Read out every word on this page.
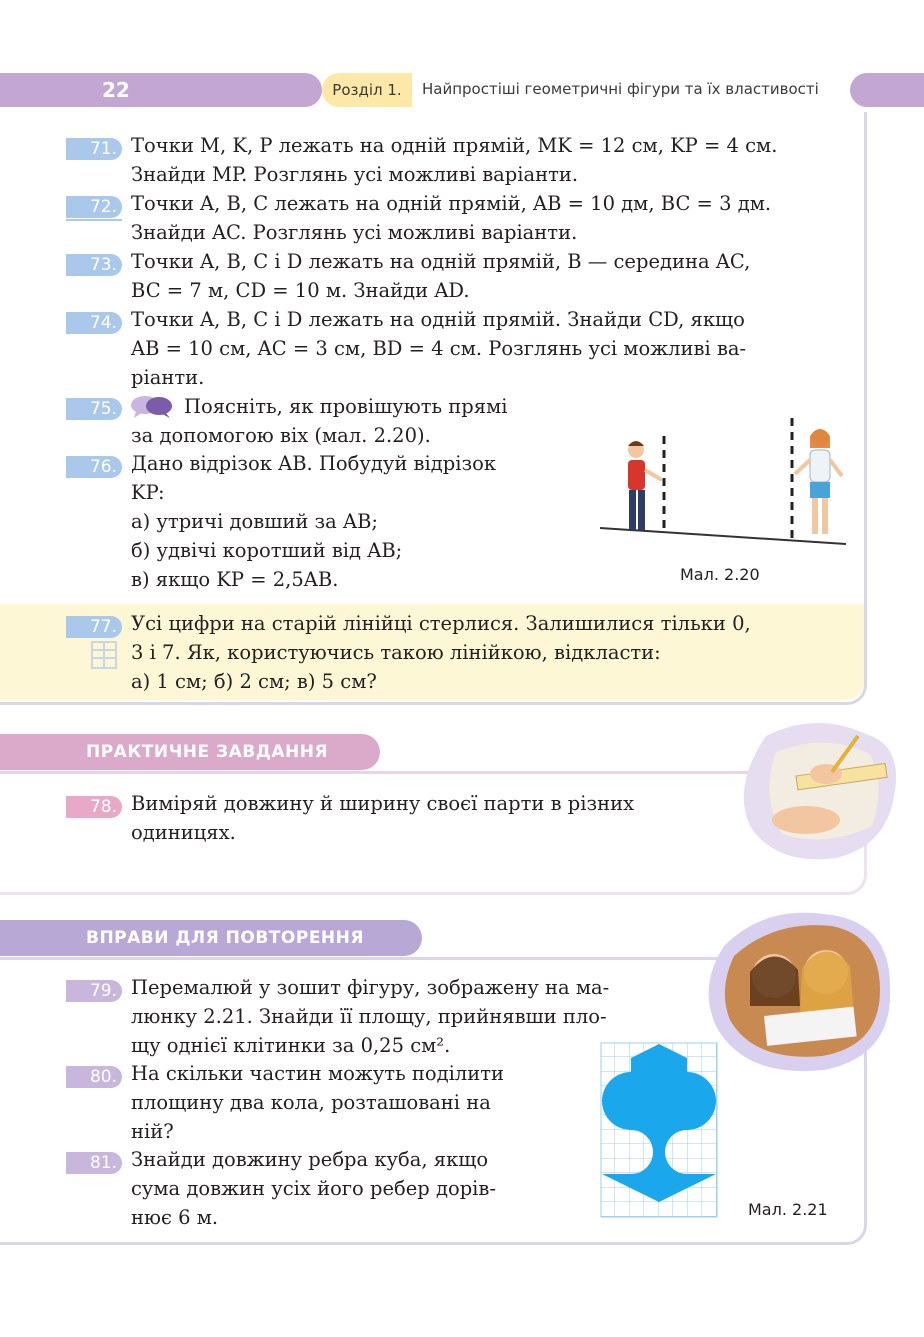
22	Розділ 1.	Найпростіші геометричні фігури та їх властивості
71. Точки M, K, P лежать на одній прямій, MK = 12 см, KP = 4 см.
Знайди MP. Розглянь усі можливі варіанти.
72. Точки A, B, C лежать на одній прямій, AB = 10 дм, BC = 3 дм.
Знайди AC. Розглянь усі можливі варіанти.
73. Точки A, B, C і D лежать на одній прямій, B — середина AC,
BC = 7 м, CD = 10 м. Знайди AD.
74. Точки A, B, C і D лежать на одній прямій. Знайди CD, якщо
AB = 10 см, AC = 3 см, BD = 4 см. Розглянь усі можливі ва-
ріанти.
75.	Поясніть, як провішують прямі
за допомогою віх (мал. 2.20).
76. Дано відрізок AB. Побудуй відрізок
KP:
а) утричі довший за AB;
б) удвічі коротший від AB;
в) якщо KP = 2,5AB.	Мал. 2.20
77. Усі цифри на старій лінійці стерлися. Залишилися тільки 0,
3 і 7. Як, користуючись такою лінійкою, відкласти:
а) 1 см; б) 2 см; в) 5 см?
ПРАКТИЧНЕ ЗАВДАННЯ
78. Виміряй довжину й ширину своєї парти в різних
одиницях.
ВПРАВИ ДЛЯ ПОВТОРЕННЯ
79. Перемалюй у зошит фігуру, зображену на ма-
люнку 2.21. Знайди її площу, прийнявши пло-
щу однієї клітинки за 0,25 см².
80. На скільки частин можуть поділити
площину два кола, розташовані на
ній?
81. Знайди довжину ребра куба, якщо
сума довжин усіх його ребер дорів-
нює 6 м.	Мал. 2.21
